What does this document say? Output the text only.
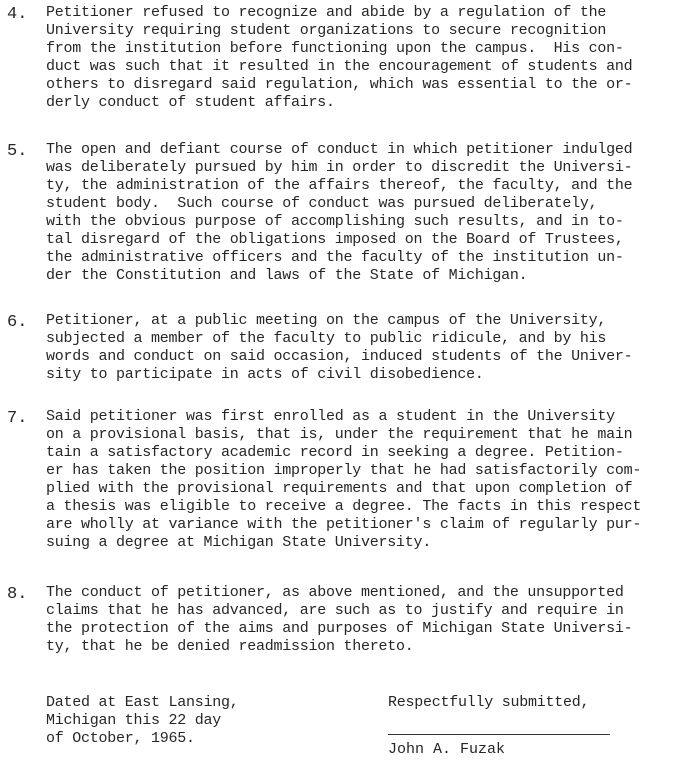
4. Petitioner refused to recognize and abide by a regulation of the
University requiring student organizations to secure recognition
from the institution before functioning upon the campus.  His con-
duct was such that it resulted in the encouragement of students and
others to disregard said regulation, which was essential to the or-
derly conduct of student affairs.
5. The open and defiant course of conduct in which petitioner indulged
was deliberately pursued by him in order to discredit the Universi-
ty, the administration of the affairs thereof, the faculty, and the
student body.  Such course of conduct was pursued deliberately,
with the obvious purpose of accomplishing such results, and in to-
tal disregard of the obligations imposed on the Board of Trustees,
the administrative officers and the faculty of the institution un-
der the Constitution and laws of the State of Michigan.
6. Petitioner, at a public meeting on the campus of the University,
subjected a member of the faculty to public ridicule, and by his
words and conduct on said occasion, induced students of the Univer-
sity to participate in acts of civil disobedience.
7. Said petitioner was first enrolled as a student in the University
on a provisional basis, that is, under the requirement that he main
tain a satisfactory academic record in seeking a degree. Petition-
er has taken the position improperly that he had satisfactorily com-
plied with the provisional requirements and that upon completion of
a thesis was eligible to receive a degree. The facts in this respect
are wholly at variance with the petitioner's claim of regularly pur-
suing a degree at Michigan State University.
8. The conduct of petitioner, as above mentioned, and the unsupported
claims that he has advanced, are such as to justify and require in
the protection of the aims and purposes of Michigan State Universi-
ty, that he be denied readmission thereto.
Dated at East Lansing,
Michigan this 22 day
of October, 1965.
Respectfully submitted,
John A. Fuzak
